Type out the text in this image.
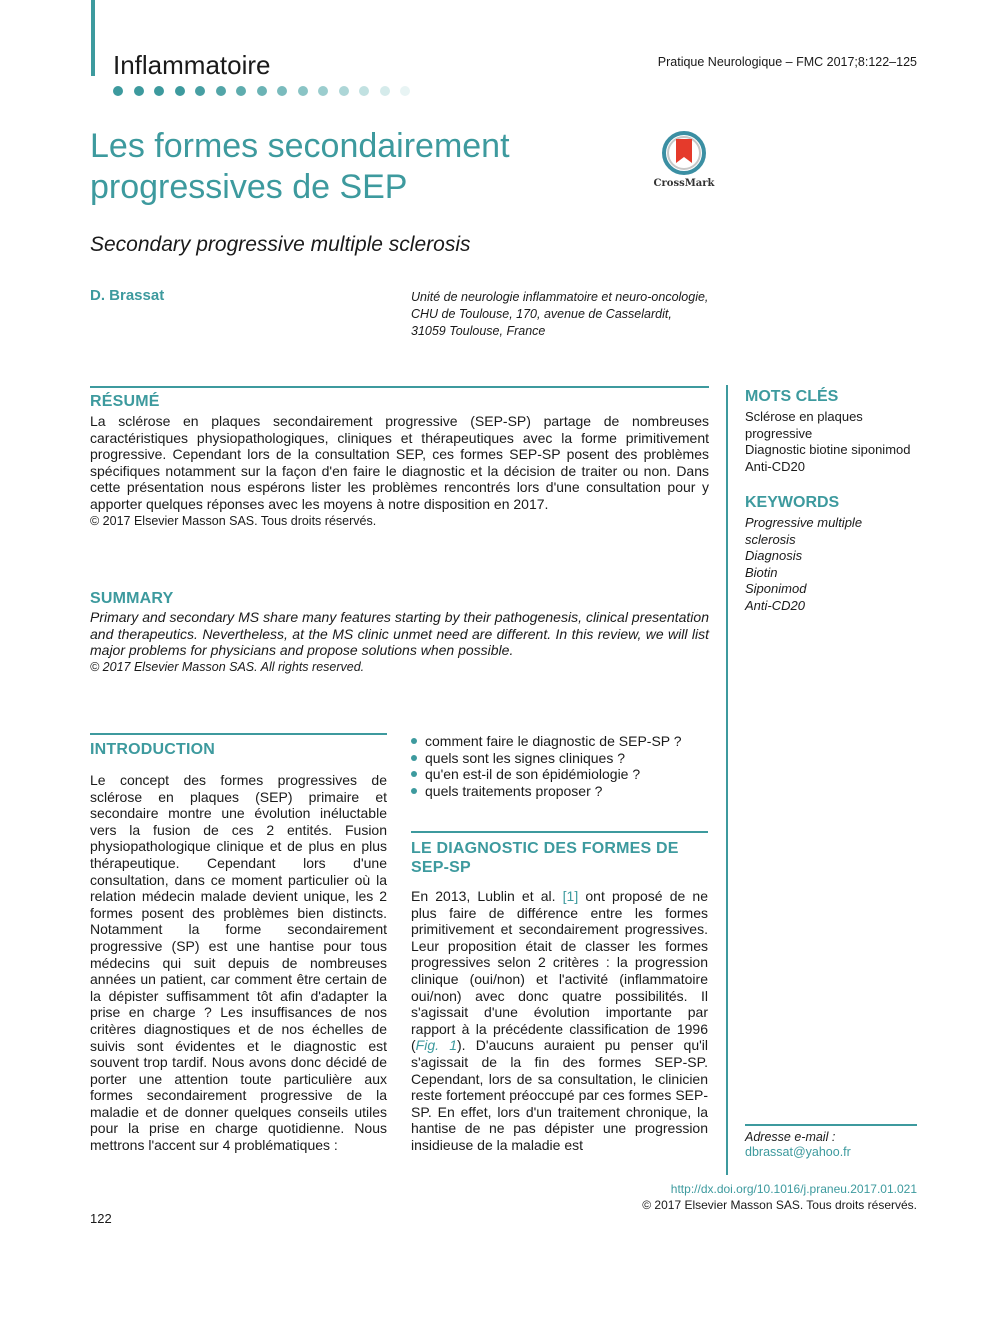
Inflammatoire	Pratique Neurologique – FMC 2017;8:122–125
Les formes secondairement progressives de SEP	CrossMark
Secondary progressive multiple sclerosis
D. Brassat	Unité de neurologie inflammatoire et neuro-oncologie,
CHU de Toulouse, 170, avenue de Casselardit,
31059 Toulouse, France
RÉSUMÉ
La sclérose en plaques secondairement progressive (SEP-SP) partage de nombreuses caractéristiques physiopathologiques, cliniques et thérapeutiques avec la forme primitivement progressive. Cependant lors de la consultation SEP, ces formes SEP-SP posent des problèmes spécifiques notamment sur la façon d'en faire le diagnostic et la décision de traiter ou non. Dans cette présentation nous espérons lister les problèmes rencontrés lors d'une consultation pour y apporter quelques réponses avec les moyens à notre disposition en 2017.
© 2017 Elsevier Masson SAS. Tous droits réservés.
SUMMARY
Primary and secondary MS share many features starting by their pathogenesis, clinical presentation and therapeutics. Nevertheless, at the MS clinic unmet need are different. In this review, we will list major problems for physicians and propose solutions when possible.
© 2017 Elsevier Masson SAS. All rights reserved.
MOTS CLÉS
Sclérose en plaques
progressive
Diagnostic biotine siponimod
Anti-CD20
KEYWORDS
Progressive multiple
sclerosis
Diagnosis
Biotin
Siponimod
Anti-CD20
INTRODUCTION
Le concept des formes progressives de sclérose en plaques (SEP) primaire et secondaire montre une évolution inéluctable vers la fusion de ces 2 entités. Fusion physiopathologique clinique et de plus en plus thérapeutique. Cependant lors d'une consultation, dans ce moment particulier où la relation médecin malade devient unique, les 2 formes posent des problèmes bien distincts. Notamment la forme secondairement progressive (SP) est une hantise pour tous médecins qui suit depuis de nombreuses années un patient, car comment être certain de la dépister suffisamment tôt afin d'adapter la prise en charge ? Les insuffisances de nos critères diagnostiques et de nos échelles de suivis sont évidentes et le diagnostic est souvent trop tardif. Nous avons donc décidé de porter une attention toute particulière aux formes secondairement progressive de la maladie et de donner quelques conseils utiles pour la prise en charge quotidienne. Nous mettrons l'accent sur 4 problématiques :
comment faire le diagnostic de SEP-SP ?
quels sont les signes cliniques ?
qu'en est-il de son épidémiologie ?
quels traitements proposer ?
LE DIAGNOSTIC DES FORMES DE SEP-SP

En 2013, Lublin et al. [1] ont proposé de ne plus faire de différence entre les formes primitivement et secondairement progressives. Leur proposition était de classer les formes progressives selon 2 critères : la progression clinique (oui/non) et l'activité (inflammatoire oui/non) avec donc quatre possibilités. Il s'agissait d'une évolution importante par rapport à la précédente classification de 1996 (Fig. 1). D'aucuns auraient pu penser qu'il s'agissait de la fin des formes SEP-SP. Cependant, lors de sa consultation, le clinicien reste fortement préoccupé par ces formes SEP-SP. En effet, lors d'un traitement chronique, la hantise de ne pas dépister une progression insidieuse de la maladie est	Adresse e-mail :
dbrassat@yahoo.fr
http://dx.doi.org/10.1016/j.praneu.2017.01.021
© 2017 Elsevier Masson SAS. Tous droits réservés.
122
